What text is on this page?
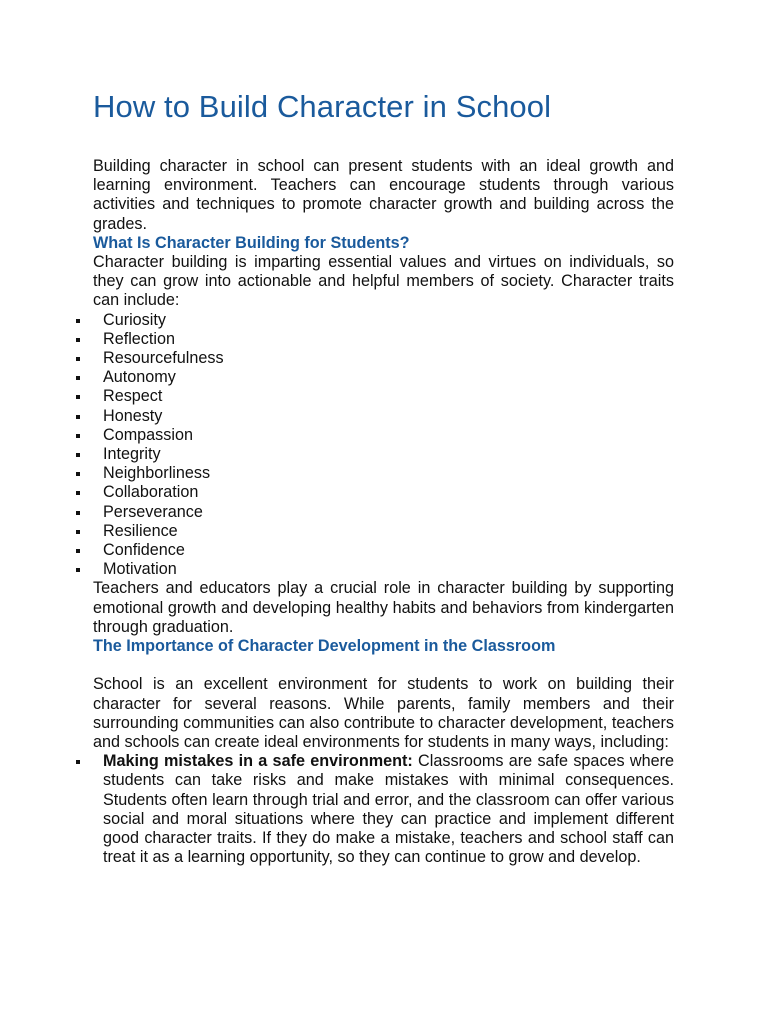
How to Build Character in School

Building character in school can present students with an ideal growth and learning environment. Teachers can encourage students through various activities and techniques to promote character growth and building across the grades.

What Is Character Building for Students?

Character building is imparting essential values and virtues on individuals, so they can grow into actionable and helpful members of society. Character traits can include:

Curiosity
Reflection
Resourcefulness
Autonomy
Respect
Honesty
Compassion
Integrity
Neighborliness
Collaboration
Perseverance
Resilience
Confidence
Motivation

Teachers and educators play a crucial role in character building by supporting emotional growth and developing healthy habits and behaviors from kindergarten through graduation.

The Importance of Character Development in the Classroom

School is an excellent environment for students to work on building their character for several reasons. While parents, family members and their surrounding communities can also contribute to character development, teachers and schools can create ideal environments for students in many ways, including:

Making mistakes in a safe environment: Classrooms are safe spaces where students can take risks and make mistakes with minimal consequences. Students often learn through trial and error, and the classroom can offer various social and moral situations where they can practice and implement different good character traits. If they do make a mistake, teachers and school staff can treat it as a learning opportunity, so they can continue to grow and develop.
